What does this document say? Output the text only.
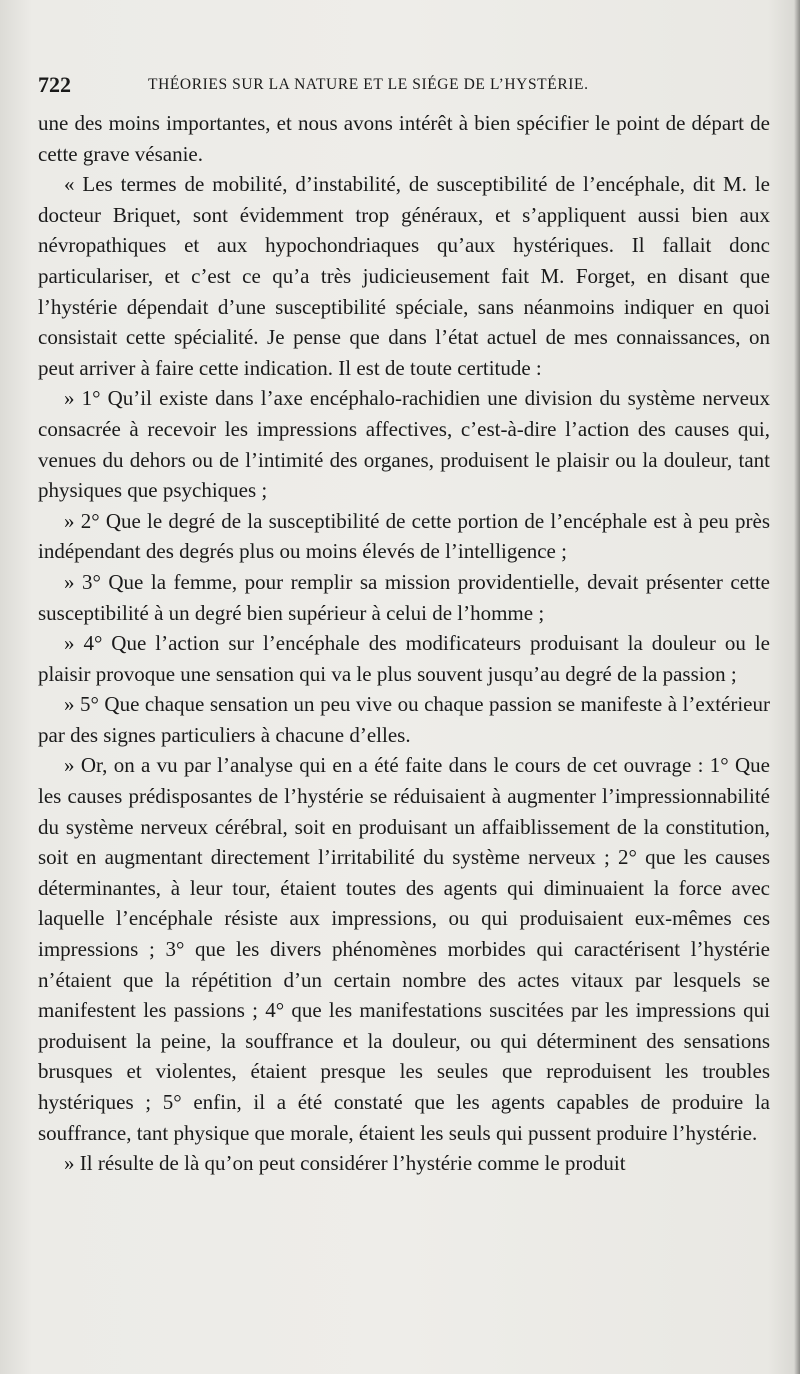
722	THÉORIES SUR LA NATURE ET LE SIÉGE DE L’HYSTÉRIE.

une des moins importantes, et nous avons intérêt à bien spécifier le point de départ de cette grave vésanie.

« Les termes de mobilité, d’instabilité, de susceptibilité de l’encéphale, dit M. le docteur Briquet, sont évidemment trop généraux, et s’appliquent aussi bien aux névropathiques et aux hypochondriaques qu’aux hystériques. Il fallait donc particulariser, et c’est ce qu’a très judicieusement fait M. Forget, en disant que l’hystérie dépendait d’une susceptibilité spéciale, sans néanmoins indiquer en quoi consistait cette spécialité. Je pense que dans l’état actuel de mes connaissances, on peut arriver à faire cette indication. Il est de toute certitude :

» 1° Qu’il existe dans l’axe encéphalo-rachidien une division du système nerveux consacrée à recevoir les impressions affectives, c’est-à-dire l’action des causes qui, venues du dehors ou de l’intimité des organes, produisent le plaisir ou la douleur, tant physiques que psychiques ;

» 2° Que le degré de la susceptibilité de cette portion de l’encéphale est à peu près indépendant des degrés plus ou moins élevés de l’intelligence ;

» 3° Que la femme, pour remplir sa mission providentielle, devait présenter cette susceptibilité à un degré bien supérieur à celui de l’homme ;

» 4° Que l’action sur l’encéphale des modificateurs produisant la douleur ou le plaisir provoque une sensation qui va le plus souvent jusqu’au degré de la passion ;

» 5° Que chaque sensation un peu vive ou chaque passion se manifeste à l’extérieur par des signes particuliers à chacune d’elles.

» Or, on a vu par l’analyse qui en a été faite dans le cours de cet ouvrage : 1° Que les causes prédisposantes de l’hystérie se réduisaient à augmenter l’impressionnabilité du système nerveux cérébral, soit en produisant un affaiblissement de la constitution, soit en augmentant directement l’irritabilité du système nerveux ; 2° que les causes déterminantes, à leur tour, étaient toutes des agents qui diminuaient la force avec laquelle l’encéphale résiste aux impressions, ou qui produisaient eux-mêmes ces impressions ; 3° que les divers phénomènes morbides qui caractérisent l’hystérie n’étaient que la répétition d’un certain nombre des actes vitaux par lesquels se manifestent les passions ; 4° que les manifestations suscitées par les impressions qui produisent la peine, la souffrance et la douleur, ou qui déterminent des sensations brusques et violentes, étaient presque les seules que reproduisent les troubles hystériques ; 5° enfin, il a été constaté que les agents capables de produire la souffrance, tant physique que morale, étaient les seuls qui pussent produire l’hystérie.

» Il résulte de là qu’on peut considérer l’hystérie comme le produit
